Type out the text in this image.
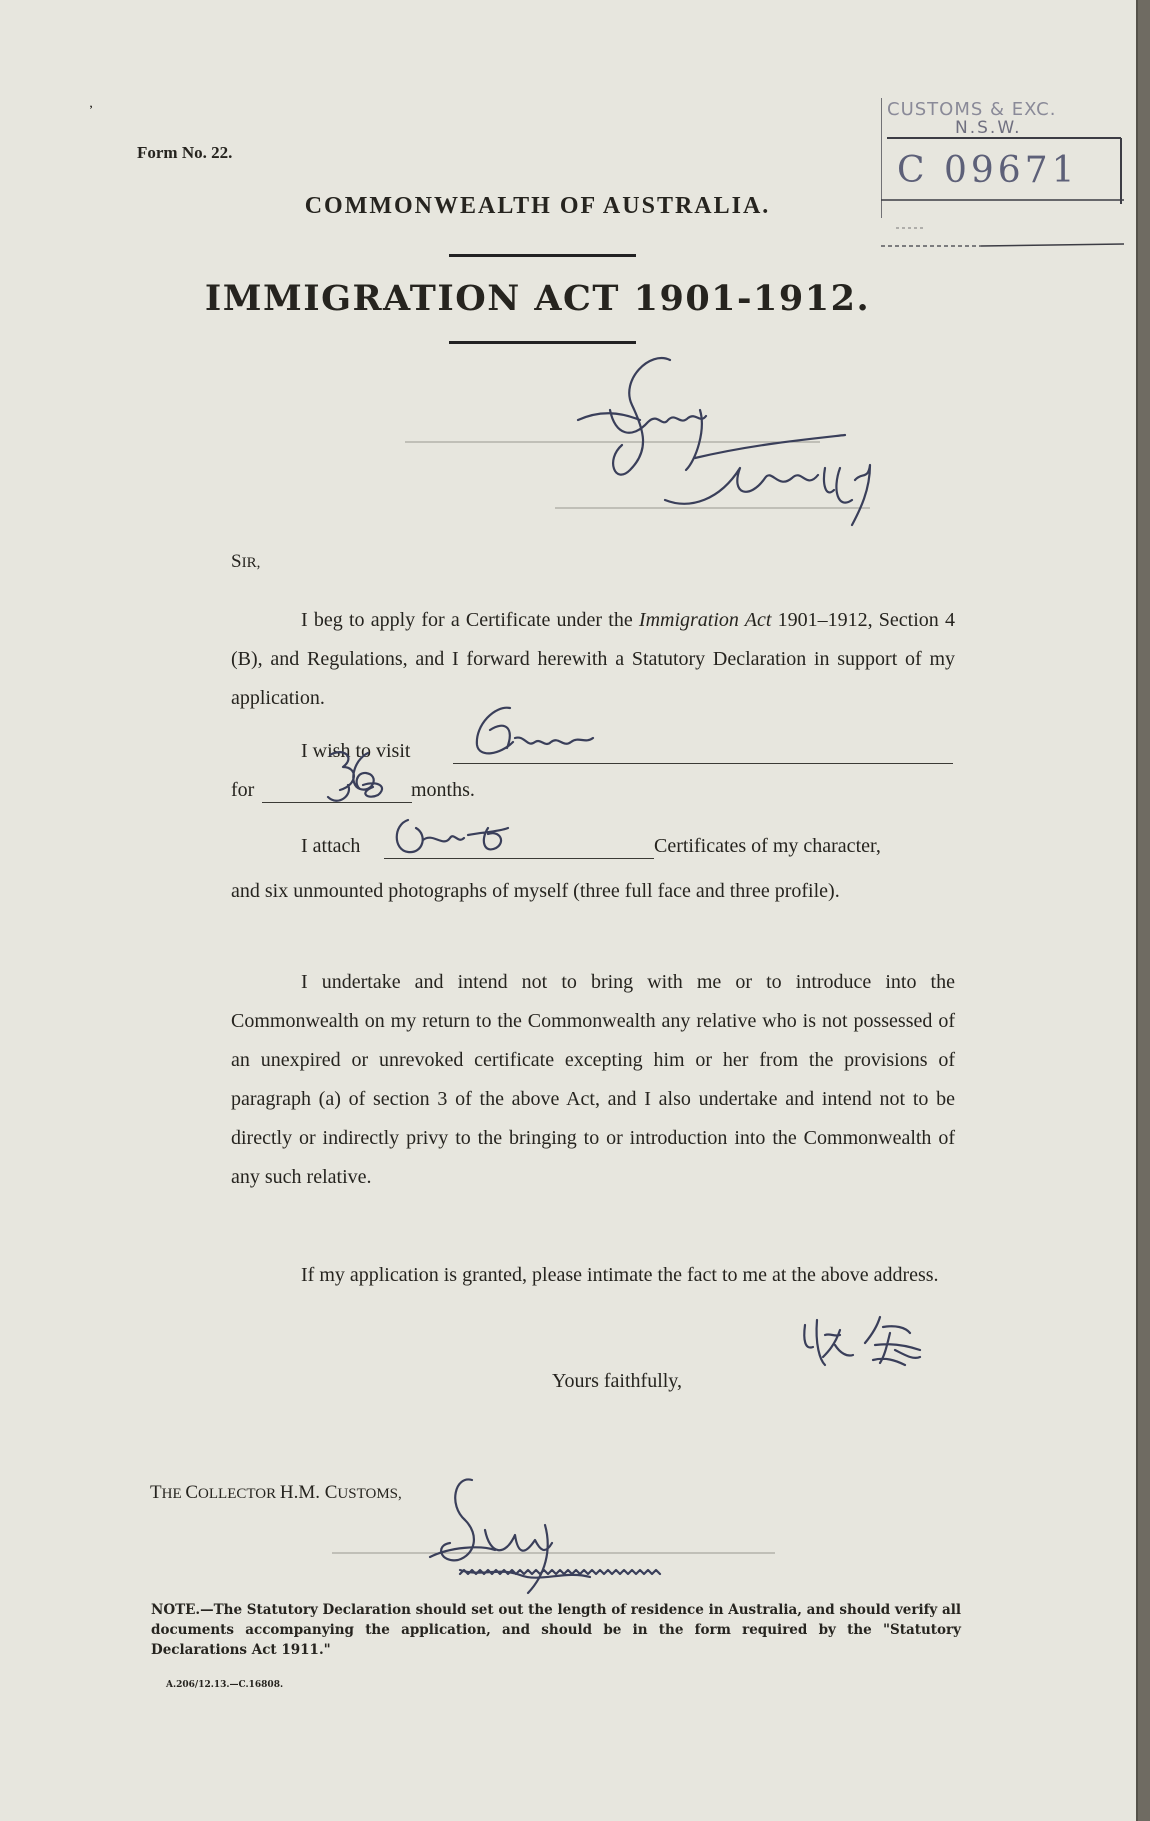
᾽
Form No. 22.
COMMONWEALTH OF AUSTRALIA.
IMMIGRATION ACT 1901-1912.
CUSTOMS & EXC.
N.S.W.
C 09671
SIR,
I beg to apply for a Certificate under the Immigration Act 1901–1912, Section 4 (B), and Regulations, and I forward herewith a Statutory Declaration in support of my application.
I wish to visit
for	months.
I attach	Certificates of my character,
and six unmounted photographs of myself (three full face and three profile).
I undertake and intend not to bring with me or to introduce into the Commonwealth on my return to the Commonwealth any relative who is not possessed of an unexpired or unrevoked certificate excepting him or her from the provisions of paragraph (a) of section 3 of the above Act, and I also undertake and intend not to be directly or indirectly privy to the bringing to or introduction into the Commonwealth of any such relative.
If my application is granted, please intimate the fact to me at the above address.
Yours faithfully,
THE COLLECTOR H.M. CUSTOMS,
NOTE.—The Statutory Declaration should set out the length of residence in Australia, and should verify all documents accompanying the application, and should be in the form required by the "Statutory Declarations Act 1911."
A.206/12.13.—C.16808.
